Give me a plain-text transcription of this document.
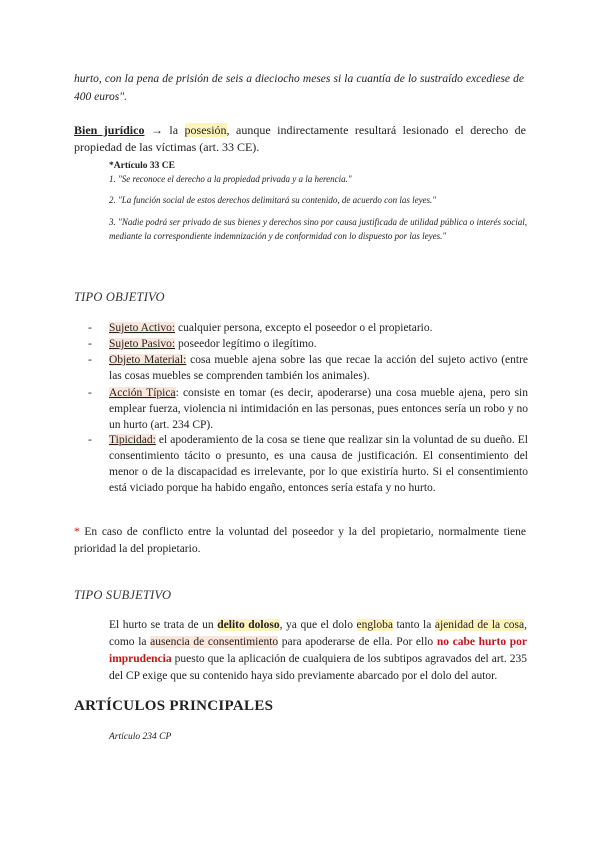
hurto, con la pena de prisión de seis a dieciocho meses si la cuantía de lo sustraído excediese de 400 euros".
Bien jurídico → la posesión, aunque indirectamente resultará lesionado el derecho de propiedad de las víctimas (art. 33 CE).
*Artículo 33 CE
1. "Se reconoce el derecho a la propiedad privada y a la herencia."
2. "La función social de estos derechos delimitará su contenido, de acuerdo con las leyes."
3. "Nadie podrá ser privado de sus bienes y derechos sino por causa justificada de utilidad pública o interés social, mediante la correspondiente indemnización y de conformidad con lo dispuesto por las leyes."
TIPO OBJETIVO
-	Sujeto Activo: cualquier persona, excepto el poseedor o el propietario.
-	Sujeto Pasivo: poseedor legítimo o ilegítimo.
-	Objeto Material: cosa mueble ajena sobre las que recae la acción del sujeto activo (entre las cosas muebles se comprenden también los animales).
-	Acción Típica: consiste en tomar (es decir, apoderarse) una cosa mueble ajena, pero sin emplear fuerza, violencia ni intimidación en las personas, pues entonces sería un robo y no un hurto (art. 234 CP).
-	Tipicidad: el apoderamiento de la cosa se tiene que realizar sin la voluntad de su dueño. El consentimiento tácito o presunto, es una causa de justificación. El consentimiento del menor o de la discapacidad es irrelevante, por lo que existiría hurto. Si el consentimiento está viciado porque ha habido engaño, entonces sería estafa y no hurto.
* En caso de conflicto entre la voluntad del poseedor y la del propietario, normalmente tiene prioridad la del propietario.
TIPO SUBJETIVO
El hurto se trata de un delito doloso, ya que el dolo engloba tanto la ajenidad de la cosa, como la ausencia de consentimiento para apoderarse de ella. Por ello no cabe hurto por imprudencia puesto que la aplicación de cualquiera de los subtipos agravados del art. 235 del CP exige que su contenido haya sido previamente abarcado por el dolo del autor.
ARTÍCULOS PRINCIPALES
Artículo 234 CP
